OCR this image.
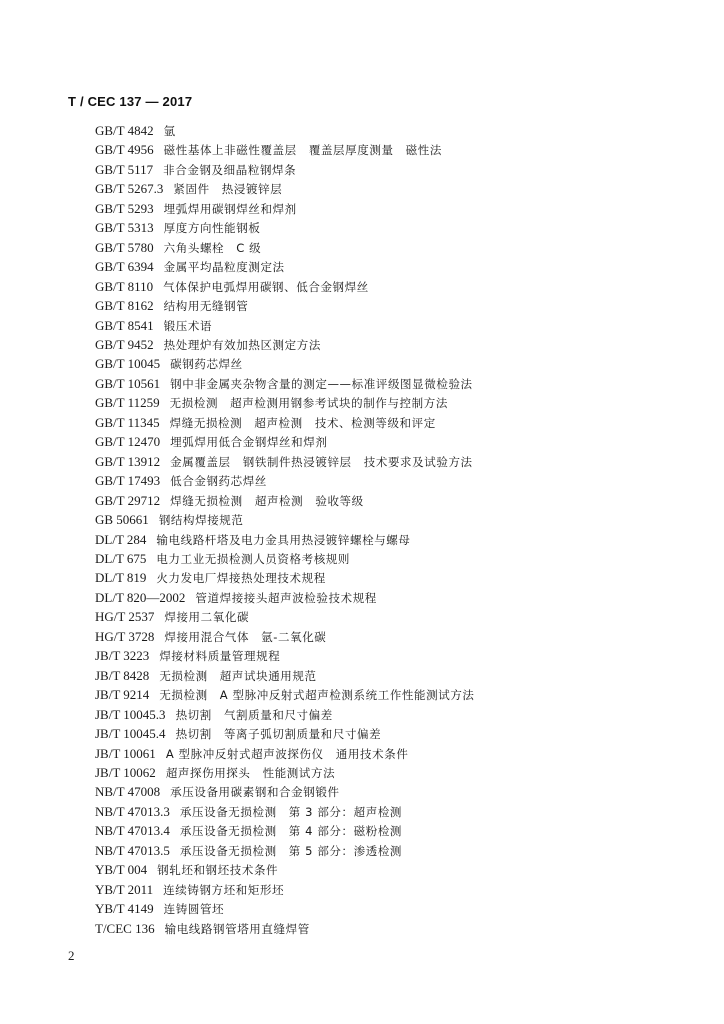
T / CEC 137 — 2017
GB/T 4842 氩
GB/T 4956 磁性基体上非磁性覆盖层　覆盖层厚度测量　磁性法
GB/T 5117 非合金钢及细晶粒钢焊条
GB/T 5267.3 紧固件　热浸镀锌层
GB/T 5293 埋弧焊用碳钢焊丝和焊剂
GB/T 5313 厚度方向性能钢板
GB/T 5780 六角头螺栓　C 级
GB/T 6394 金属平均晶粒度测定法
GB/T 8110 气体保护电弧焊用碳钢、低合金钢焊丝
GB/T 8162 结构用无缝钢管
GB/T 8541 锻压术语
GB/T 9452 热处理炉有效加热区测定方法
GB/T 10045 碳钢药芯焊丝
GB/T 10561 钢中非金属夹杂物含量的测定——标准评级图显微检验法
GB/T 11259 无损检测　超声检测用钢参考试块的制作与控制方法
GB/T 11345 焊缝无损检测　超声检测　技术、检测等级和评定
GB/T 12470 埋弧焊用低合金钢焊丝和焊剂
GB/T 13912 金属覆盖层　钢铁制件热浸镀锌层　技术要求及试验方法
GB/T 17493 低合金钢药芯焊丝
GB/T 29712 焊缝无损检测　超声检测　验收等级
GB 50661 钢结构焊接规范
DL/T 284 输电线路杆塔及电力金具用热浸镀锌螺栓与螺母
DL/T 675 电力工业无损检测人员资格考核规则
DL/T 819 火力发电厂焊接热处理技术规程
DL/T 820—2002 管道焊接接头超声波检验技术规程
HG/T 2537 焊接用二氧化碳
HG/T 3728 焊接用混合气体　氩-二氧化碳
JB/T 3223 焊接材料质量管理规程
JB/T 8428 无损检测　超声试块通用规范
JB/T 9214 无损检测　A 型脉冲反射式超声检测系统工作性能测试方法
JB/T 10045.3 热切割　气割质量和尺寸偏差
JB/T 10045.4 热切割　等离子弧切割质量和尺寸偏差
JB/T 10061 A 型脉冲反射式超声波探伤仪　通用技术条件
JB/T 10062 超声探伤用探头　性能测试方法
NB/T 47008 承压设备用碳素钢和合金钢锻件
NB/T 47013.3 承压设备无损检测　第 3 部分：超声检测
NB/T 47013.4 承压设备无损检测　第 4 部分：磁粉检测
NB/T 47013.5 承压设备无损检测　第 5 部分：渗透检测
YB/T 004 钢轧坯和钢坯技术条件
YB/T 2011 连续铸钢方坯和矩形坯
YB/T 4149 连铸圆管坯
T/CEC 136 输电线路钢管塔用直缝焊管
2
